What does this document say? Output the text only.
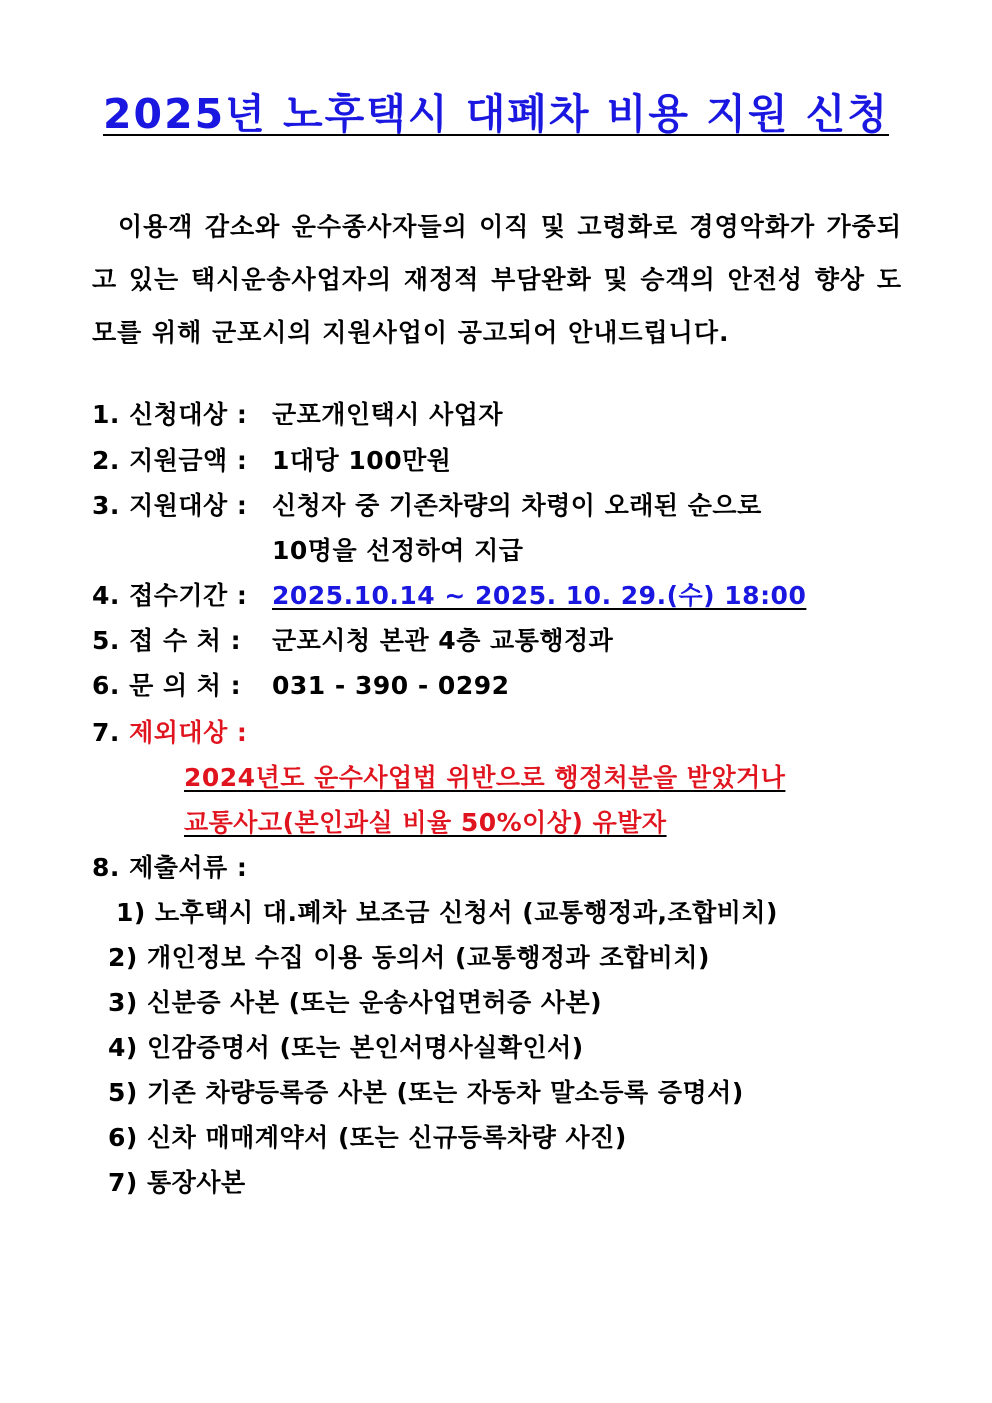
2025년 노후택시 대폐차 비용 지원 신청
이용객 감소와 운수종사자들의 이직 및 고령화로 경영악화가 가중되고 있는 택시운송사업자의 재정적 부담완화 및 승객의 안전성 향상 도모를 위해 군포시의 지원사업이 공고되어 안내드립니다.
1. 신청대상 : 군포개인택시 사업자
2. 지원금액 : 1대당 100만원
3. 지원대상 : 신청자 중 기존차량의 차령이 오래된 순으로
10명을 선정하여 지급
4. 접수기간 : 2025.10.14 ~ 2025. 10. 29.(수) 18:00
5. 접 수 처 : 군포시청 본관 4층 교통행정과
6. 문 의 처 : 031 - 390 - 0292
7. 제외대상 :
2024년도 운수사업법 위반으로 행정처분을 받았거나
교통사고(본인과실 비율 50%이상) 유발자
8. 제출서류 :
1) 노후택시 대.폐차 보조금 신청서 (교통행정과,조합비치)
2) 개인정보 수집 이용 동의서 (교통행정과 조합비치)
3) 신분증 사본 (또는 운송사업면허증 사본)
4) 인감증명서 (또는 본인서명사실확인서)
5) 기존 차량등록증 사본 (또는 자동차 말소등록 증명서)
6) 신차 매매계약서 (또는 신규등록차량 사진)
7) 통장사본
